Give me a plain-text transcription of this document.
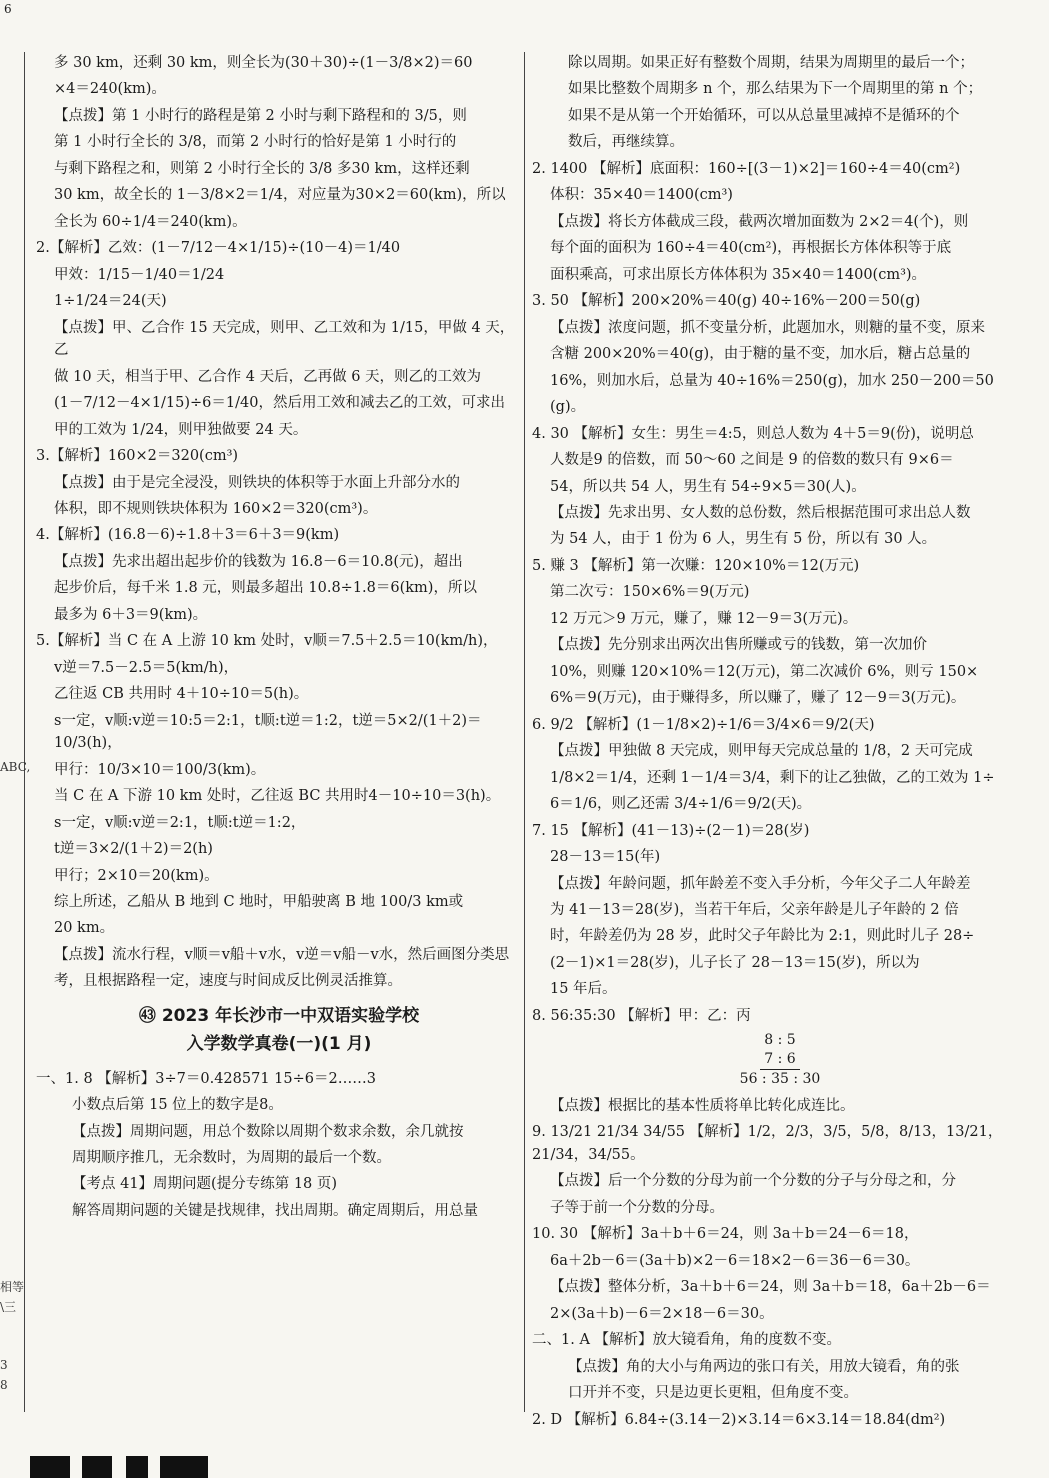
6
ABC,
相等
\三
3
8
多 30 km，还剩 30 km，则全长为(30＋30)÷(1－3/8×2)＝60
×4＝240(km)。
【点拨】第 1 小时行的路程是第 2 小时与剩下路程和的 3/5，则
第 1 小时行全长的 3/8，而第 2 小时行的恰好是第 1 小时行的
与剩下路程之和，则第 2 小时行全长的 3/8 多30 km，这样还剩
30 km，故全长的 1－3/8×2＝1/4，对应量为30×2＝60(km)，所以
全长为 60÷1/4＝240(km)。
2.【解析】乙效：(1－7/12－4×1/15)÷(10－4)＝1/40
甲效：1/15－1/40＝1/24
1÷1/24＝24(天)
【点拨】甲、乙合作 15 天完成，则甲、乙工效和为 1/15，甲做 4 天，乙
做 10 天，相当于甲、乙合作 4 天后，乙再做 6 天，则乙的工效为
(1－7/12－4×1/15)÷6＝1/40，然后用工效和减去乙的工效，可求出
甲的工效为 1/24，则甲独做要 24 天。
3.【解析】160×2＝320(cm³)
【点拨】由于是完全浸没，则铁块的体积等于水面上升部分水的
体积，即不规则铁块体积为 160×2＝320(cm³)。
4.【解析】(16.8－6)÷1.8＋3＝6＋3＝9(km)
【点拨】先求出超出起步价的钱数为 16.8－6＝10.8(元)，超出
起步价后，每千米 1.8 元，则最多超出 10.8÷1.8＝6(km)，所以
最多为 6＋3＝9(km)。
5.【解析】当 C 在 A 上游 10 km 处时，v顺＝7.5＋2.5＝10(km/h)，
v逆＝7.5－2.5＝5(km/h)，
乙往返 CB 共用时 4＋10÷10＝5(h)。
s一定，v顺:v逆＝10:5＝2:1，t顺:t逆＝1:2，t逆＝5×2/(1＋2)＝10/3(h)，
甲行：10/3×10＝100/3(km)。
当 C 在 A 下游 10 km 处时，乙往返 BC 共用时4－10÷10＝3(h)。
s一定，v顺:v逆＝2:1，t顺:t逆＝1:2，
t逆＝3×2/(1＋2)＝2(h)
甲行；2×10＝20(km)。
综上所述，乙船从 B 地到 C 地时，甲船驶离 B 地 100/3 km或
20 km。
【点拨】流水行程，v顺＝v船＋v水，v逆＝v船－v水，然后画图分类思
考，且根据路程一定，速度与时间成反比例灵活推算。
㊸ 2023 年长沙市一中双语实验学校
入学数学真卷(一)(1 月)
一、1. 8 【解析】3÷7＝0.428571 15÷6＝2……3
小数点后第 15 位上的数字是8。
【点拨】周期问题，用总个数除以周期个数求余数，余几就按
周期顺序推几，无余数时，为周期的最后一个数。
【考点 41】周期问题(提分专练第 18 页)
解答周期问题的关键是找规律，找出周期。确定周期后，用总量
除以周期。如果正好有整数个周期，结果为周期里的最后一个；
如果比整数个周期多 n 个，那么结果为下一个周期里的第 n 个；
如果不是从第一个开始循环，可以从总量里减掉不是循环的个
数后，再继续算。
2. 1400 【解析】底面积：160÷[(3－1)×2]＝160÷4＝40(cm²)
体积：35×40＝1400(cm³)
【点拨】将长方体截成三段，截两次增加面数为 2×2＝4(个)，则
每个面的面积为 160÷4＝40(cm²)，再根据长方体体积等于底
面积乘高，可求出原长方体体积为 35×40＝1400(cm³)。
3. 50 【解析】200×20%＝40(g) 40÷16%－200＝50(g)
【点拨】浓度问题，抓不变量分析，此题加水，则糖的量不变，原来
含糖 200×20%＝40(g)，由于糖的量不变，加水后，糖占总量的
16%，则加水后，总量为 40÷16%＝250(g)，加水 250－200＝50
(g)。
4. 30 【解析】女生：男生＝4:5，则总人数为 4＋5＝9(份)，说明总
人数是9 的倍数，而 50～60 之间是 9 的倍数的数只有 9×6＝
54，所以共 54 人，男生有 54÷9×5＝30(人)。
【点拨】先求出男、女人数的总份数，然后根据范围可求出总人数
为 54 人，由于 1 份为 6 人，男生有 5 份，所以有 30 人。
5. 赚 3 【解析】第一次赚：120×10%＝12(万元)
第二次亏：150×6%＝9(万元)
12 万元＞9 万元，赚了，赚 12－9＝3(万元)。
【点拨】先分别求出两次出售所赚或亏的钱数，第一次加价
10%，则赚 120×10%＝12(万元)，第二次减价 6%，则亏 150×
6%＝9(万元)，由于赚得多，所以赚了，赚了 12－9＝3(万元)。
6. 9/2 【解析】(1－1/8×2)÷1/6＝3/4×6＝9/2(天)
【点拨】甲独做 8 天完成，则甲每天完成总量的 1/8，2 天可完成
1/8×2＝1/4，还剩 1－1/4＝3/4，剩下的让乙独做，乙的工效为 1÷
6＝1/6，则乙还需 3/4÷1/6＝9/2(天)。
7. 15 【解析】(41－13)÷(2－1)＝28(岁)
28－13＝15(年)
【点拨】年龄问题，抓年龄差不变入手分析，今年父子二人年龄差
为 41－13＝28(岁)，当若干年后，父亲年龄是儿子年龄的 2 倍
时，年龄差仍为 28 岁，此时父子年龄比为 2:1，则此时儿子 28÷
(2－1)×1＝28(岁)，儿子长了 28－13＝15(岁)，所以为
15 年后。
8. 56:35:30 【解析】甲：乙：丙
8 : 5
7 : 6
56 : 35 : 30
【点拨】根据比的基本性质将单比转化成连比。
9. 13/21 21/34 34/55 【解析】1/2，2/3，3/5，5/8，8/13，13/21，21/34，34/55。
【点拨】后一个分数的分母为前一个分数的分子与分母之和，分
子等于前一个分数的分母。
10. 30 【解析】3a＋b＋6＝24，则 3a＋b＝24－6＝18，
6a＋2b－6＝(3a＋b)×2－6＝18×2－6＝36－6＝30。
【点拨】整体分析，3a＋b＋6＝24，则 3a＋b＝18，6a＋2b－6＝
2×(3a＋b)－6＝2×18－6＝30。
二、1. A 【解析】放大镜看角，角的度数不变。
【点拨】角的大小与角两边的张口有关，用放大镜看，角的张
口开并不变，只是边更长更粗，但角度不变。
2. D 【解析】6.84÷(3.14－2)×3.14＝6×3.14＝18.84(dm²)
